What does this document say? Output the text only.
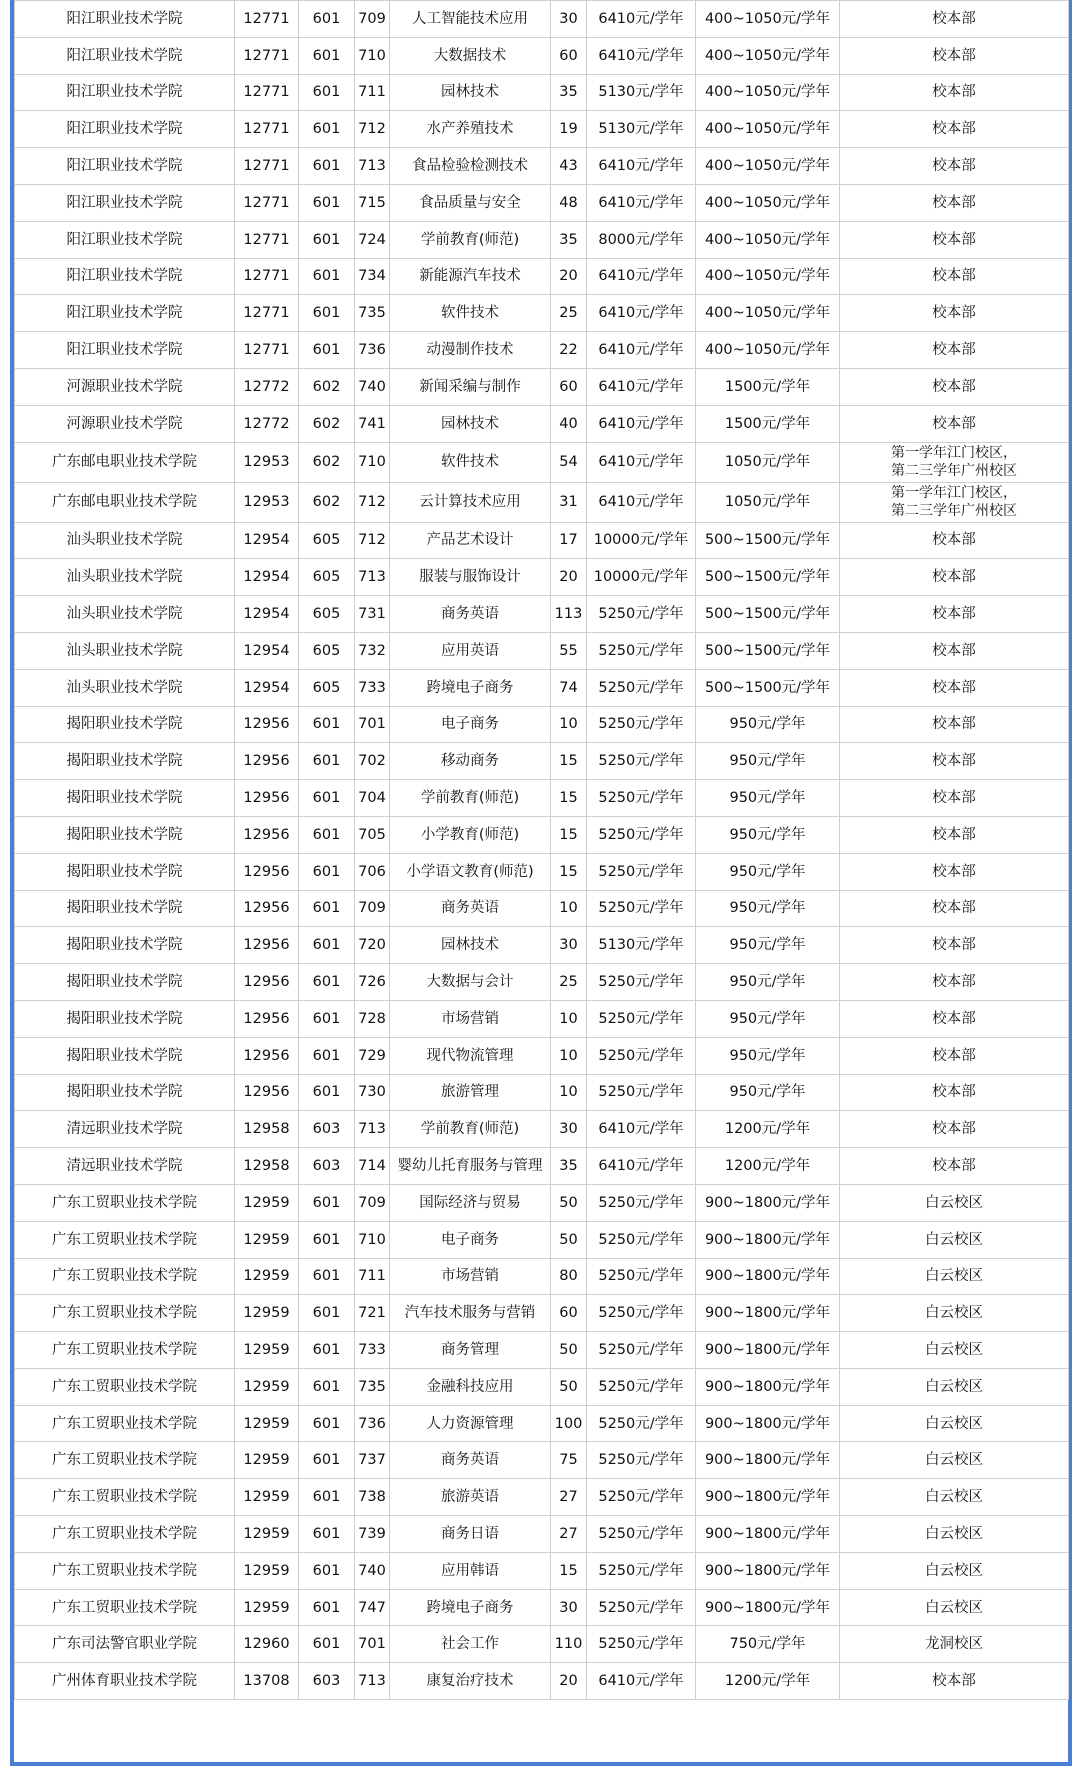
阳江职业技术学院	12771	601	709	人工智能技术应用	30	6410元/学年	400~1050元/学年	校本部
阳江职业技术学院	12771	601	710	大数据技术	60	6410元/学年	400~1050元/学年	校本部
阳江职业技术学院	12771	601	711	园林技术	35	5130元/学年	400~1050元/学年	校本部
阳江职业技术学院	12771	601	712	水产养殖技术	19	5130元/学年	400~1050元/学年	校本部
阳江职业技术学院	12771	601	713	食品检验检测技术	43	6410元/学年	400~1050元/学年	校本部
阳江职业技术学院	12771	601	715	食品质量与安全	48	6410元/学年	400~1050元/学年	校本部
阳江职业技术学院	12771	601	724	学前教育(师范)	35	8000元/学年	400~1050元/学年	校本部
阳江职业技术学院	12771	601	734	新能源汽车技术	20	6410元/学年	400~1050元/学年	校本部
阳江职业技术学院	12771	601	735	软件技术	25	6410元/学年	400~1050元/学年	校本部
阳江职业技术学院	12771	601	736	动漫制作技术	22	6410元/学年	400~1050元/学年	校本部
河源职业技术学院	12772	602	740	新闻采编与制作	60	6410元/学年	1500元/学年	校本部
河源职业技术学院	12772	602	741	园林技术	40	6410元/学年	1500元/学年	校本部
广东邮电职业技术学院	12953	602	710	软件技术	54	6410元/学年	1050元/学年	第一学年江门校区，
第二三学年广州校区
广东邮电职业技术学院	12953	602	712	云计算技术应用	31	6410元/学年	1050元/学年	第一学年江门校区，
第二三学年广州校区
汕头职业技术学院	12954	605	712	产品艺术设计	17	10000元/学年	500~1500元/学年	校本部
汕头职业技术学院	12954	605	713	服装与服饰设计	20	10000元/学年	500~1500元/学年	校本部
汕头职业技术学院	12954	605	731	商务英语	113	5250元/学年	500~1500元/学年	校本部
汕头职业技术学院	12954	605	732	应用英语	55	5250元/学年	500~1500元/学年	校本部
汕头职业技术学院	12954	605	733	跨境电子商务	74	5250元/学年	500~1500元/学年	校本部
揭阳职业技术学院	12956	601	701	电子商务	10	5250元/学年	950元/学年	校本部
揭阳职业技术学院	12956	601	702	移动商务	15	5250元/学年	950元/学年	校本部
揭阳职业技术学院	12956	601	704	学前教育(师范)	15	5250元/学年	950元/学年	校本部
揭阳职业技术学院	12956	601	705	小学教育(师范)	15	5250元/学年	950元/学年	校本部
揭阳职业技术学院	12956	601	706	小学语文教育(师范)	15	5250元/学年	950元/学年	校本部
揭阳职业技术学院	12956	601	709	商务英语	10	5250元/学年	950元/学年	校本部
揭阳职业技术学院	12956	601	720	园林技术	30	5130元/学年	950元/学年	校本部
揭阳职业技术学院	12956	601	726	大数据与会计	25	5250元/学年	950元/学年	校本部
揭阳职业技术学院	12956	601	728	市场营销	10	5250元/学年	950元/学年	校本部
揭阳职业技术学院	12956	601	729	现代物流管理	10	5250元/学年	950元/学年	校本部
揭阳职业技术学院	12956	601	730	旅游管理	10	5250元/学年	950元/学年	校本部
清远职业技术学院	12958	603	713	学前教育(师范)	30	6410元/学年	1200元/学年	校本部
清远职业技术学院	12958	603	714	婴幼儿托育服务与管理	35	6410元/学年	1200元/学年	校本部
广东工贸职业技术学院	12959	601	709	国际经济与贸易	50	5250元/学年	900~1800元/学年	白云校区
广东工贸职业技术学院	12959	601	710	电子商务	50	5250元/学年	900~1800元/学年	白云校区
广东工贸职业技术学院	12959	601	711	市场营销	80	5250元/学年	900~1800元/学年	白云校区
广东工贸职业技术学院	12959	601	721	汽车技术服务与营销	60	5250元/学年	900~1800元/学年	白云校区
广东工贸职业技术学院	12959	601	733	商务管理	50	5250元/学年	900~1800元/学年	白云校区
广东工贸职业技术学院	12959	601	735	金融科技应用	50	5250元/学年	900~1800元/学年	白云校区
广东工贸职业技术学院	12959	601	736	人力资源管理	100	5250元/学年	900~1800元/学年	白云校区
广东工贸职业技术学院	12959	601	737	商务英语	75	5250元/学年	900~1800元/学年	白云校区
广东工贸职业技术学院	12959	601	738	旅游英语	27	5250元/学年	900~1800元/学年	白云校区
广东工贸职业技术学院	12959	601	739	商务日语	27	5250元/学年	900~1800元/学年	白云校区
广东工贸职业技术学院	12959	601	740	应用韩语	15	5250元/学年	900~1800元/学年	白云校区
广东工贸职业技术学院	12959	601	747	跨境电子商务	30	5250元/学年	900~1800元/学年	白云校区
广东司法警官职业学院	12960	601	701	社会工作	110	5250元/学年	750元/学年	龙洞校区
广州体育职业技术学院	13708	603	713	康复治疗技术	20	6410元/学年	1200元/学年	校本部
